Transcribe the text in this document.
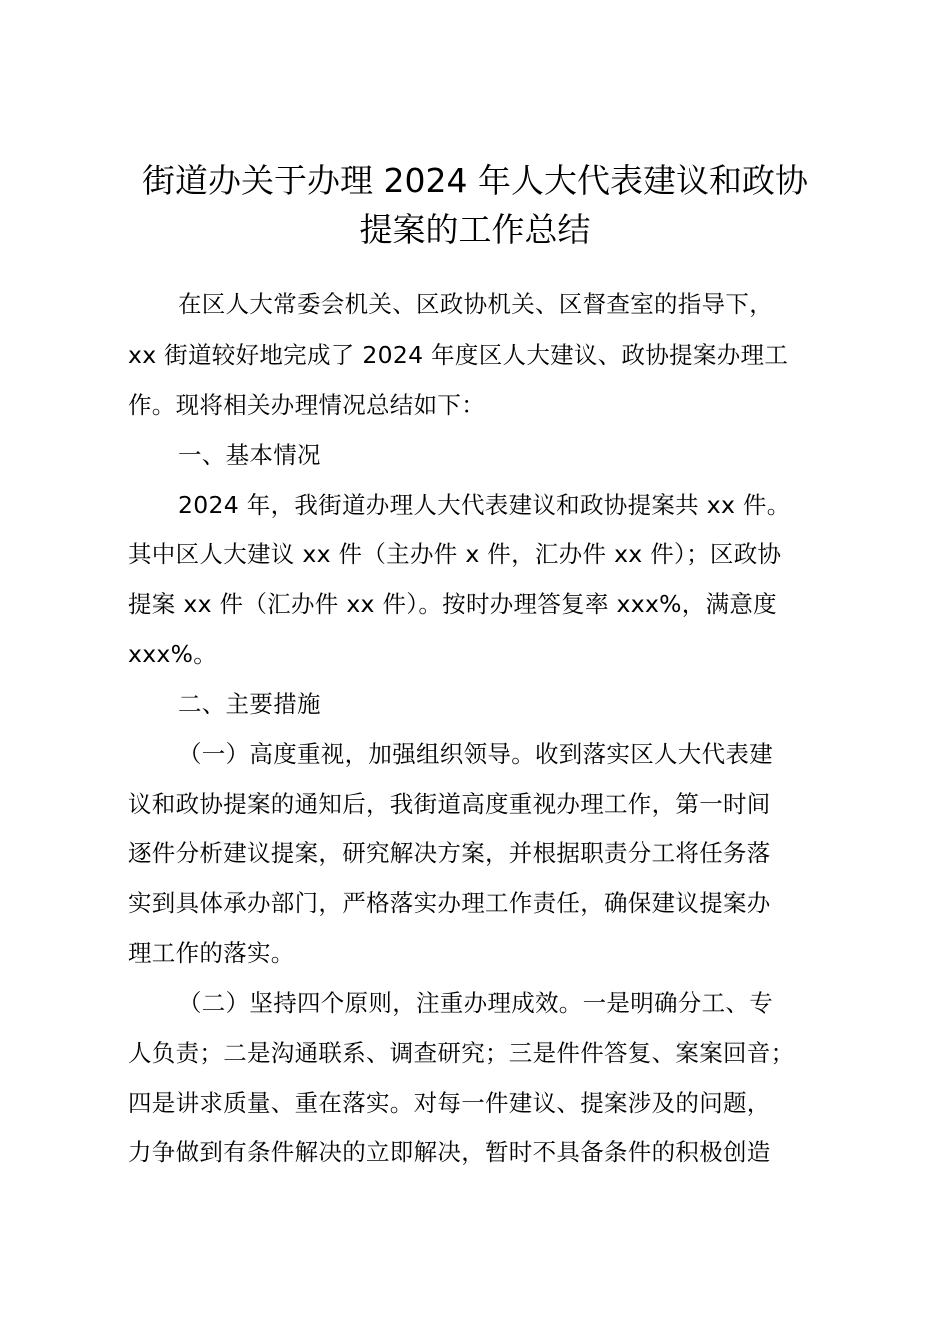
街道办关于办理 2024 年人大代表建议和政协
提案的工作总结
在区人大常委会机关、区政协机关、区督查室的指导下，
xx 街道较好地完成了 2024 年度区人大建议、政协提案办理工
作。现将相关办理情况总结如下：
一、基本情况
2024 年，我街道办理人大代表建议和政协提案共 xx 件。
其中区人大建议 xx 件（主办件 x 件，汇办件 xx 件）；区政协
提案 xx 件（汇办件 xx 件）。按时办理答复率 xxx%，满意度
xxx%。
二、主要措施
（一）高度重视，加强组织领导。收到落实区人大代表建
议和政协提案的通知后，我街道高度重视办理工作，第一时间
逐件分析建议提案，研究解决方案，并根据职责分工将任务落
实到具体承办部门，严格落实办理工作责任，确保建议提案办
理工作的落实。
（二）坚持四个原则，注重办理成效。一是明确分工、专
人负责；二是沟通联系、调查研究；三是件件答复、案案回音；
四是讲求质量、重在落实。对每一件建议、提案涉及的问题，
力争做到有条件解决的立即解决，暂时不具备条件的积极创造
